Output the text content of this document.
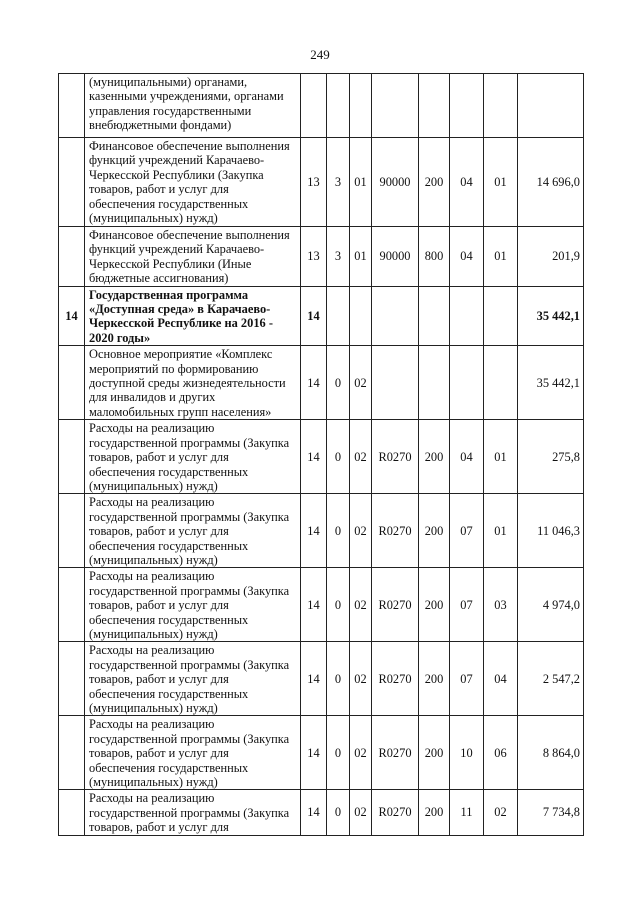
249
	(муниципальными) органами, казенными учреждениями, органами управления государственными внебюджетными фондами)								
	Финансовое обеспечение выполнения функций учреждений Карачаево-Черкесской Республики (Закупка товаров, работ и услуг для обеспечения государственных (муниципальных) нужд)	13	3	01	90000	200	04	01	14 696,0
	Финансовое обеспечение выполнения функций учреждений Карачаево-Черкесской Республики (Иные бюджетные ассигнования)	13	3	01	90000	800	04	01	201,9
14	Государственная программа «Доступная среда» в Карачаево-Черкесской Республике на 2016 - 2020 годы»	14							35 442,1
	Основное мероприятие «Комплекс мероприятий по формированию доступной среды жизнедеятельности для инвалидов и других маломобильных групп населения»	14	0	02					35 442,1
	Расходы на реализацию государственной программы (Закупка товаров, работ и услуг для обеспечения государственных (муниципальных) нужд)	14	0	02	R0270	200	04	01	275,8
	Расходы на реализацию государственной программы (Закупка товаров, работ и услуг для обеспечения государственных (муниципальных) нужд)	14	0	02	R0270	200	07	01	11 046,3
	Расходы на реализацию государственной программы (Закупка товаров, работ и услуг для обеспечения государственных (муниципальных) нужд)	14	0	02	R0270	200	07	03	4 974,0
	Расходы на реализацию государственной программы (Закупка товаров, работ и услуг для обеспечения государственных (муниципальных) нужд)	14	0	02	R0270	200	07	04	2 547,2
	Расходы на реализацию государственной программы (Закупка товаров, работ и услуг для обеспечения государственных (муниципальных) нужд)	14	0	02	R0270	200	10	06	8 864,0
	Расходы на реализацию государственной программы (Закупка товаров, работ и услуг для	14	0	02	R0270	200	11	02	7 734,8
